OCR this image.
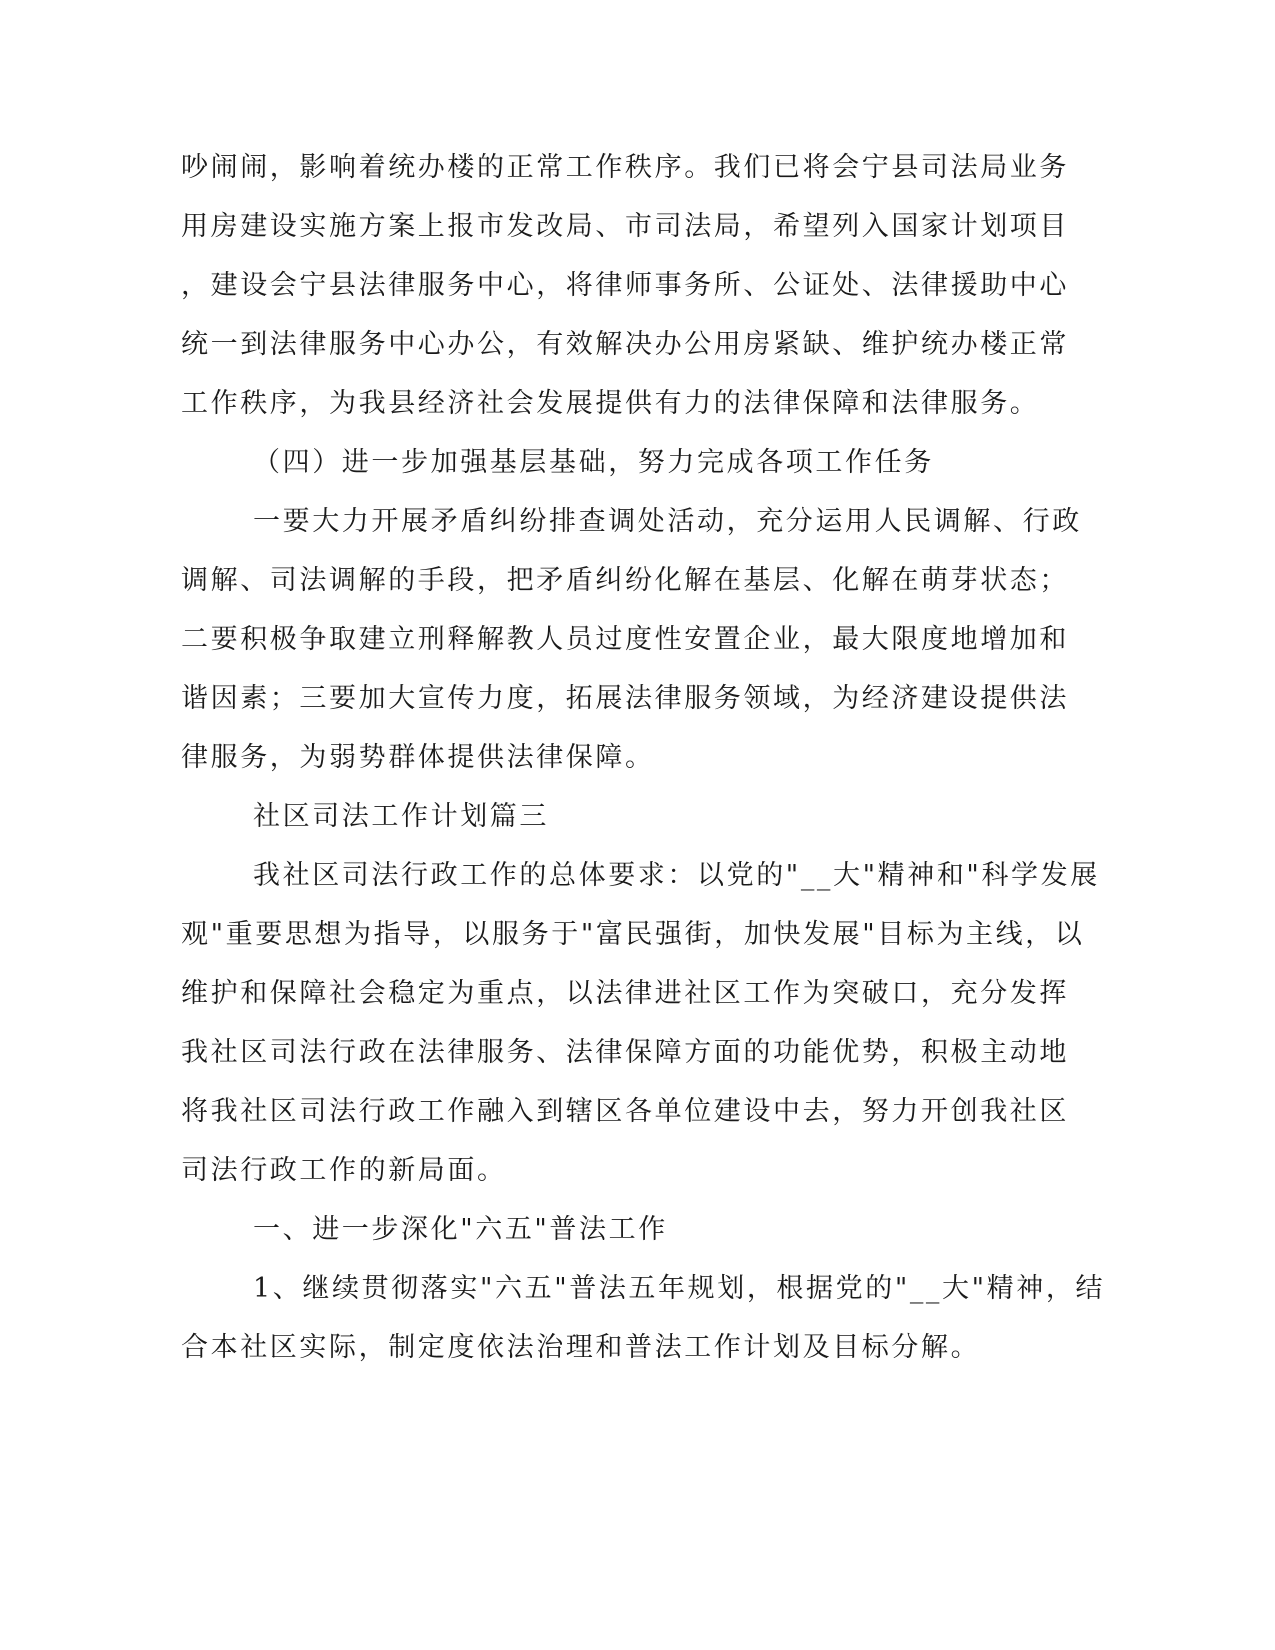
吵闹闹，影响着统办楼的正常工作秩序。我们已将会宁县司法局业务
用房建设实施方案上报市发改局、市司法局，希望列入国家计划项目
，建设会宁县法律服务中心，将律师事务所、公证处、法律援助中心
统一到法律服务中心办公，有效解决办公用房紧缺、维护统办楼正常
工作秩序，为我县经济社会发展提供有力的法律保障和法律服务。
（四）进一步加强基层基础，努力完成各项工作任务
一要大力开展矛盾纠纷排查调处活动，充分运用人民调解、行政
调解、司法调解的手段，把矛盾纠纷化解在基层、化解在萌芽状态；
二要积极争取建立刑释解教人员过度性安置企业，最大限度地增加和
谐因素；三要加大宣传力度，拓展法律服务领域，为经济建设提供法
律服务，为弱势群体提供法律保障。
社区司法工作计划篇三
我社区司法行政工作的总体要求：以党的"__大"精神和"科学发展
观"重要思想为指导，以服务于"富民强街，加快发展"目标为主线，以
维护和保障社会稳定为重点，以法律进社区工作为突破口，充分发挥
我社区司法行政在法律服务、法律保障方面的功能优势，积极主动地
将我社区司法行政工作融入到辖区各单位建设中去，努力开创我社区
司法行政工作的新局面。
一、进一步深化"六五"普法工作
1、继续贯彻落实"六五"普法五年规划，根据党的"__大"精神，结
合本社区实际，制定度依法治理和普法工作计划及目标分解。
